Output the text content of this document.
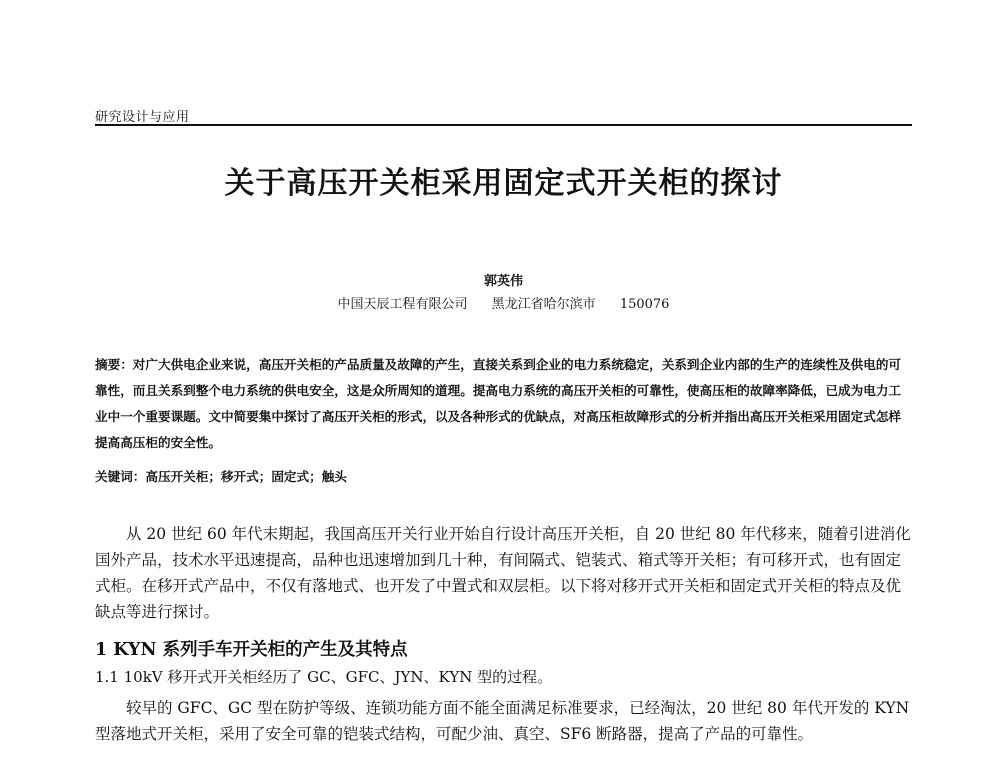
研究设计与应用
关于高压开关柜采用固定式开关柜的探讨
郭英伟
中国天辰工程有限公司 黑龙江省哈尔滨市 150076
摘要：对广大供电企业来说，高压开关柜的产品质量及故障的产生，直接关系到企业的电力系统稳定，关系到企业内部的生产的连续性及供电的可靠性，而且关系到整个电力系统的供电安全，这是众所周知的道理。提高电力系统的高压开关柜的可靠性，使高压柜的故障率降低，已成为电力工业中一个重要课题。文中简要集中探讨了高压开关柜的形式，以及各种形式的优缺点，对高压柜故障形式的分析并指出高压开关柜采用固定式怎样提高高压柜的安全性。
关键词：高压开关柜；移开式；固定式；触头
从 20 世纪 60 年代末期起，我国高压开关行业开始自行设计高压开关柜，自 20 世纪 80 年代移来，随着引进消化国外产品，技术水平迅速提高，品种也迅速增加到几十种，有间隔式、铠装式、箱式等开关柜；有可移开式，也有固定式柜。在移开式产品中，不仅有落地式、也开发了中置式和双层柜。以下将对移开式开关柜和固定式开关柜的特点及优缺点等进行探讨。
1 KYN 系列手车开关柜的产生及其特点
1.1 10kV 移开式开关柜经历了 GC、GFC、JYN、KYN 型的过程。
较早的 GFC、GC 型在防护等级、连锁功能方面不能全面满足标准要求，已经淘汰，20 世纪 80 年代开发的 KYN 型落地式开关柜，采用了安全可靠的铠装式结构，可配少油、真空、SF6 断路器，提高了产品的可靠性。
